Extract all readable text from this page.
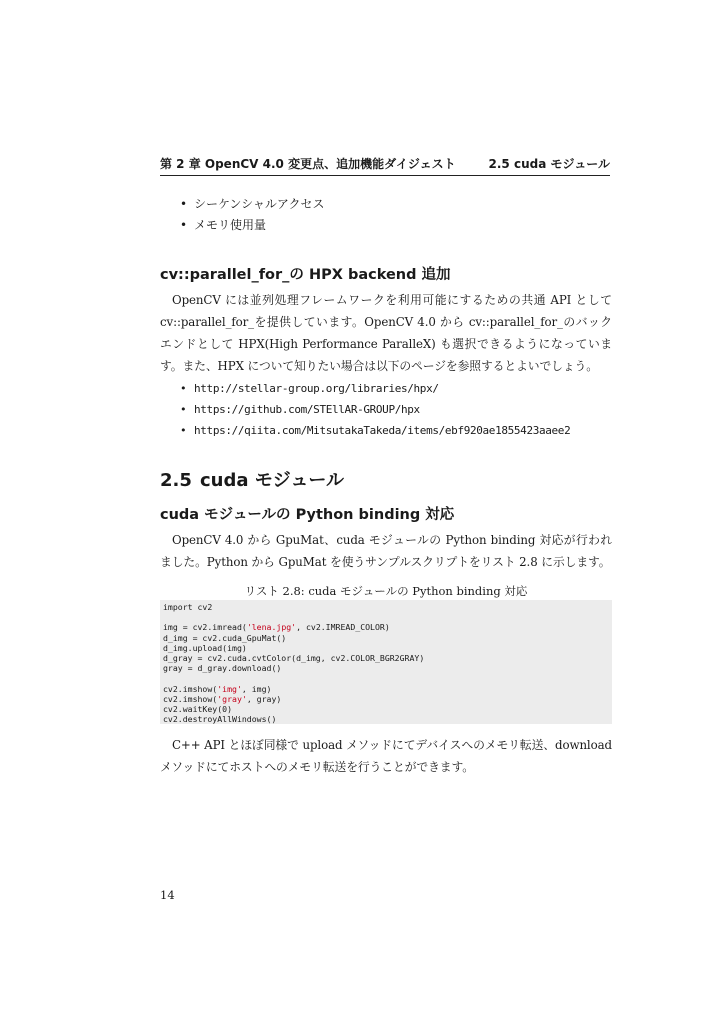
第 2 章 OpenCV 4.0 変更点、追加機能ダイジェスト	2.5 cuda モジュール
• シーケンシャルアクセス
• メモリ使用量
cv::parallel_for_の HPX backend 追加

OpenCV には並列処理フレームワークを利用可能にするための共通 API として cv::parallel_for_を提供しています。OpenCV 4.0 から cv::parallel_for_のバックエンドとして HPX(High Performance ParalleX) も選択できるようになっています。また、HPX について知りたい場合は以下のページを参照するとよいでしょう。

• http://stellar-group.org/libraries/hpx/
• https://github.com/STEllAR-GROUP/hpx
• https://qiita.com/MitsutakaTakeda/items/ebf920ae1855423aaee2
2.5 cuda モジュール
cuda モジュールの Python binding 対応

OpenCV 4.0 から GpuMat、cuda モジュールの Python binding 対応が行われました。Python から GpuMat を使うサンプルスクリプトをリスト 2.8 に示します。

リスト 2.8: cuda モジュールの Python binding 対応
import cv2

img = cv2.imread('lena.jpg', cv2.IMREAD_COLOR)
d_img = cv2.cuda_GpuMat()
d_img.upload(img)
d_gray = cv2.cuda.cvtColor(d_img, cv2.COLOR_BGR2GRAY)
gray = d_gray.download()

cv2.imshow('img', img)
cv2.imshow('gray', gray)
cv2.waitKey(0)
cv2.destroyAllWindows()

C++ API とほぼ同様で upload メソッドにてデバイスへのメモリ転送、download メソッドにてホストへのメモリ転送を行うことができます。

14
